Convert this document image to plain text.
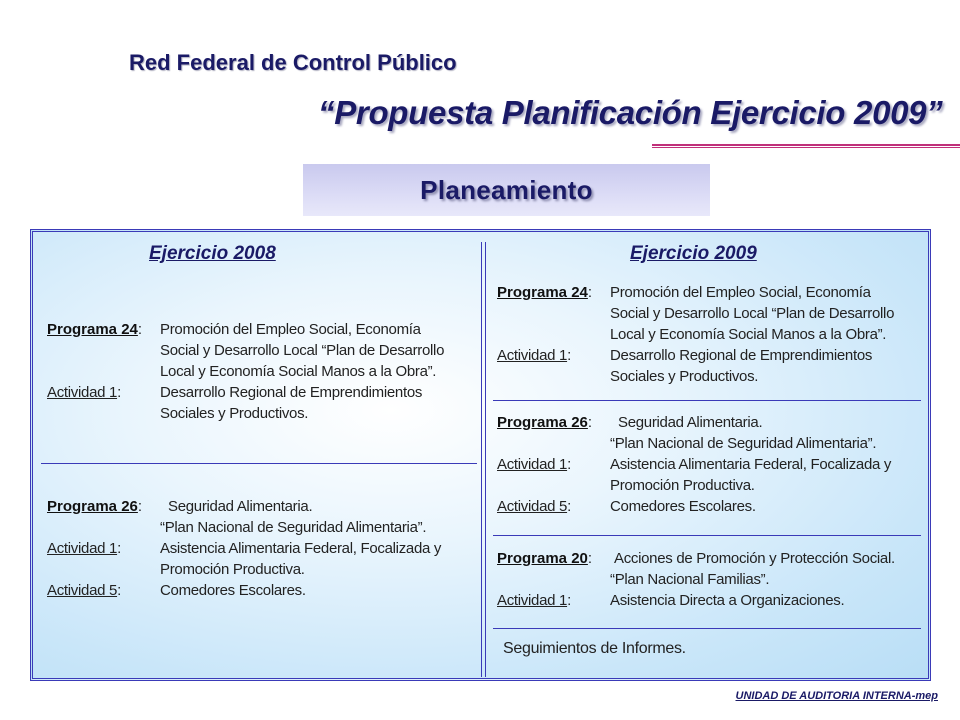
Red Federal de Control Público
“Propuesta Planificación Ejercicio 2009”
Planeamiento
Ejercicio 2008	Ejercicio 2009
Programa 24: Promoción del Empleo Social, Economía
Social y Desarrollo Local “Plan de Desarrollo
Local y Economía Social Manos a la Obra”.
Actividad 1:	Desarrollo Regional de Emprendimientos
Sociales y Productivos.
Programa 26: Seguridad Alimentaria.
“Plan Nacional de Seguridad Alimentaria”.
Actividad 1:	Asistencia Alimentaria Federal, Focalizada y
Promoción Productiva.
Actividad 5:	Comedores Escolares.
Programa 24: Promoción del Empleo Social, Economía
Social y Desarrollo Local “Plan de Desarrollo
Local y Economía Social Manos a la Obra”.
Actividad 1:	Desarrollo Regional de Emprendimientos
Sociales y Productivos.
Programa 26: Seguridad Alimentaria.
“Plan Nacional de Seguridad Alimentaria”.
Actividad 1:	Asistencia Alimentaria Federal, Focalizada y
Promoción Productiva.
Actividad 5:	Comedores Escolares.
Programa 20: Acciones de Promoción y Protección Social.
“Plan Nacional Familias”.
Actividad 1:	Asistencia Directa a Organizaciones.
Seguimientos de Informes.
UNIDAD DE AUDITORIA INTERNA-mep
